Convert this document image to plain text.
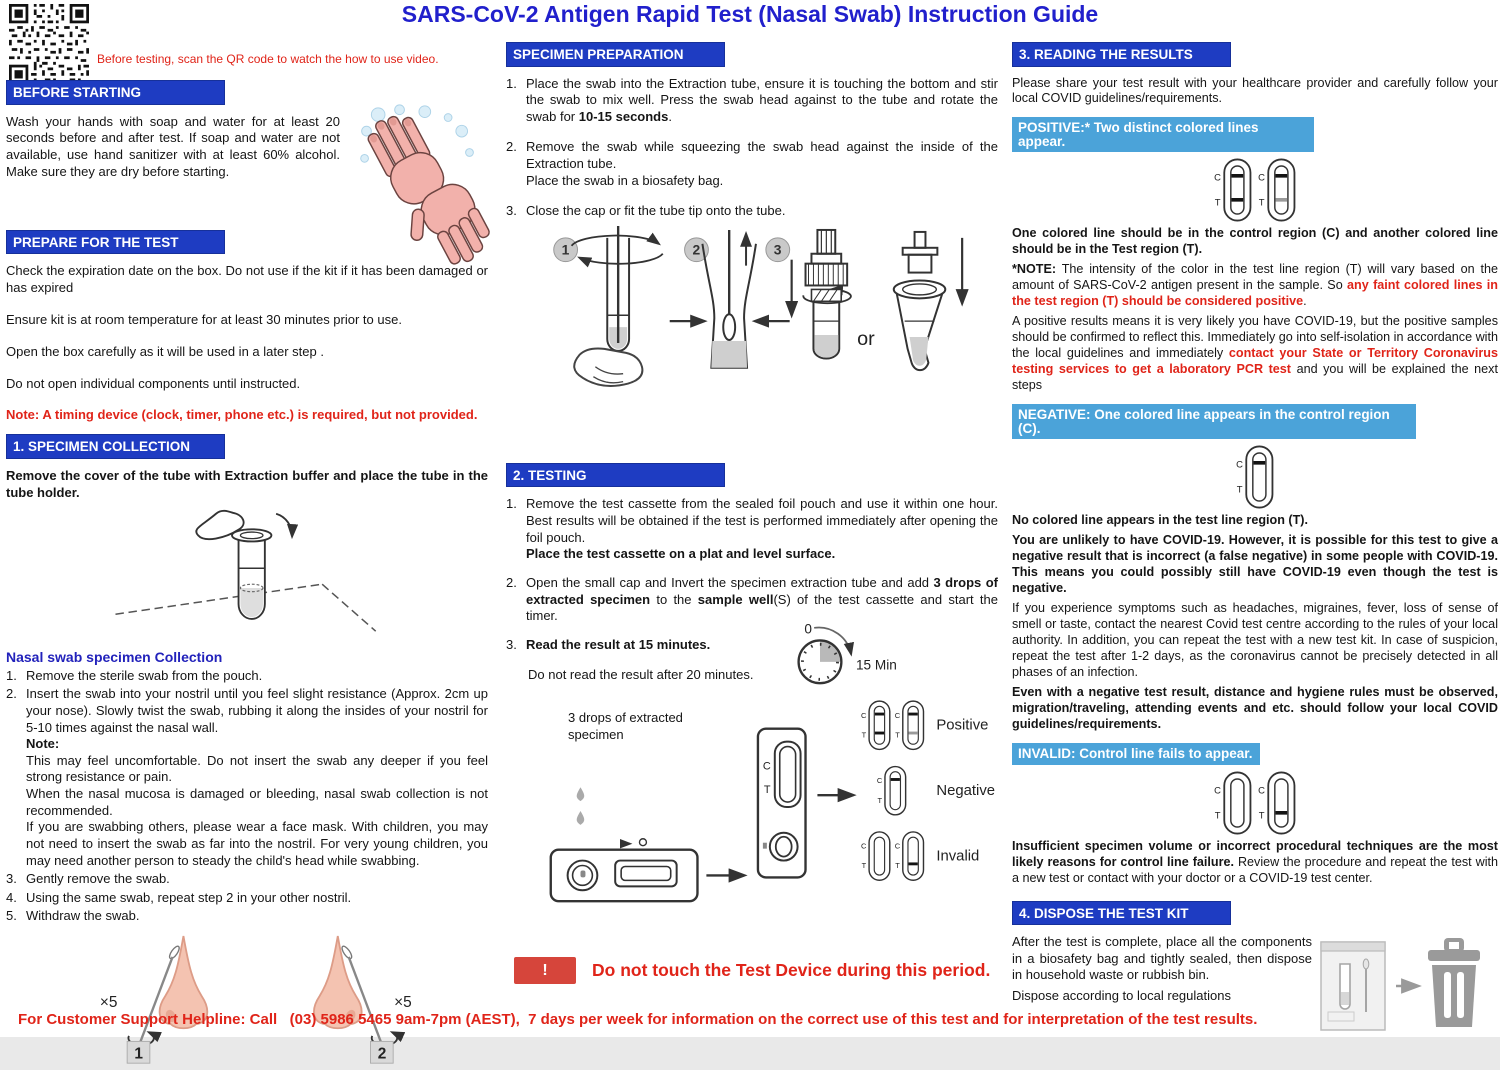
SARS-CoV-2 Antigen Rapid Test (Nasal Swab) Instruction Guide
Before testing, scan the QR code to watch the how to use video.
BEFORE STARTING
Wash your hands with soap and water for at least 20 seconds before and after test. If soap and water are not available, use hand sanitizer with at least 60% alcohol. Make sure they are dry before starting.
PREPARE FOR THE TEST
Check the expiration date on the box. Do not use if the kit if it has been damaged or has expired
Ensure kit is at room temperature for at least 30 minutes prior to use.
Open the box carefully as it will be used in a later step .
Do not open individual components until instructed.
Note: A timing device (clock, timer, phone etc.) is required, but not provided.
1. SPECIMEN COLLECTION
Remove the cover of the tube with Extraction buffer and place the tube in the tube holder.
Nasal swab specimen Collection
1. Remove the sterile swab from the pouch.
2. Insert the swab into your nostril until you feel slight resistance (Approx. 2cm up your nose). Slowly twist the swab, rubbing it along the insides of your nostril for 5-10 times against the nasal wall.
Note:
This may feel uncomfortable. Do not insert the swab any deeper if you feel strong resistance or pain.
When the nasal mucosa is damaged or bleeding, nasal swab collection is not recommended.
If you are swabbing others, please wear a face mask. With children, you may not need to insert the swab as far into the nostril. For very young children, you may need another person to steady the child's head while swabbing.
3. Gently remove the swab.
4. Using the same swab, repeat step 2 in your other nostril.
5. Withdraw the swab.
×5
1
×5
2
SPECIMEN PREPARATION
1. Place the swab into the Extraction tube, ensure it is touching the bottom and stir the swab to mix well. Press the swab head against to the tube and rotate the swab for 10-15 seconds.
2. Remove the swab while squeezing the swab head against the inside of the Extraction tube.
Place the swab in a biosafety bag.
3. Close the cap or fit the tube tip onto the tube.
1	2	3
or
2. TESTING
1. Remove the test cassette from the sealed foil pouch and use it within one hour. Best results will be obtained if the test is performed immediately after opening the foil pouch.
Place the test cassette on a plat and level surface.
2. Open the small cap and Invert the specimen extraction tube and add 3 drops of extracted specimen to the sample well(S) of the test cassette and start the timer.
3. Read the result at 15 minutes.
0
15 Min
Do not read the result after 20 minutes.
3 drops of extracted specimen
C
T
Positive
Negative
Invalid
!	Do not touch the Test Device during this period.
3. READING THE RESULTS
Please share your test result with your healthcare provider and carefully follow your local COVID guidelines/requirements.
POSITIVE:* Two distinct colored lines appear.
One colored line should be in the control region (C) and another colored line should be in the Test region (T).
*NOTE: The intensity of the color in the test line region (T) will vary based on the amount of SARS-CoV-2 antigen present in the sample. So any faint colored lines in the test region (T) should be considered positive.
A positive results means it is very likely you have COVID-19, but the positive samples should be confirmed to reflect this. Immediately go into self-isolation in accordance with the local guidelines and immediately contact your State or Territory Coronavirus testing services to get a laboratory PCR test and you will be explained the next steps
NEGATIVE: One colored line appears in the control region (C).
No colored line appears in the test line region (T).
You are unlikely to have COVID-19. However, it is possible for this test to give a negative result that is incorrect (a false negative) in some people with COVID-19. This means you could possibly still have COVID-19 even though the test is negative.
If you experience symptoms such as headaches, migraines, fever, loss of sense of smell or taste, contact the nearest Covid test centre according to the rules of your local authority. In addition, you can repeat the test with a new test kit. In case of suspicion, repeat the test after 1-2 days, as the coronavirus cannot be precisely detected in all phases of an infection.
Even with a negative test result, distance and hygiene rules must be observed, migration/traveling, attending events and etc. should follow your local COVID guidelines/requirements.
INVALID: Control line fails to appear.
Insufficient specimen volume or incorrect procedural techniques are the most likely reasons for control line failure. Review the procedure and repeat the test with a new test or contact with your doctor or a COVID-19 test center.
4. DISPOSE THE TEST KIT
After the test is complete, place all the components in a biosafety bag and tightly sealed, then dispose in household waste or rubbish bin.
Dispose according to local regulations
For Customer Support Helpline: Call   (03) 5986 5465 9am-7pm (AEST),  7 days per week for information on the correct use of this test and for interpretation of the test results.
